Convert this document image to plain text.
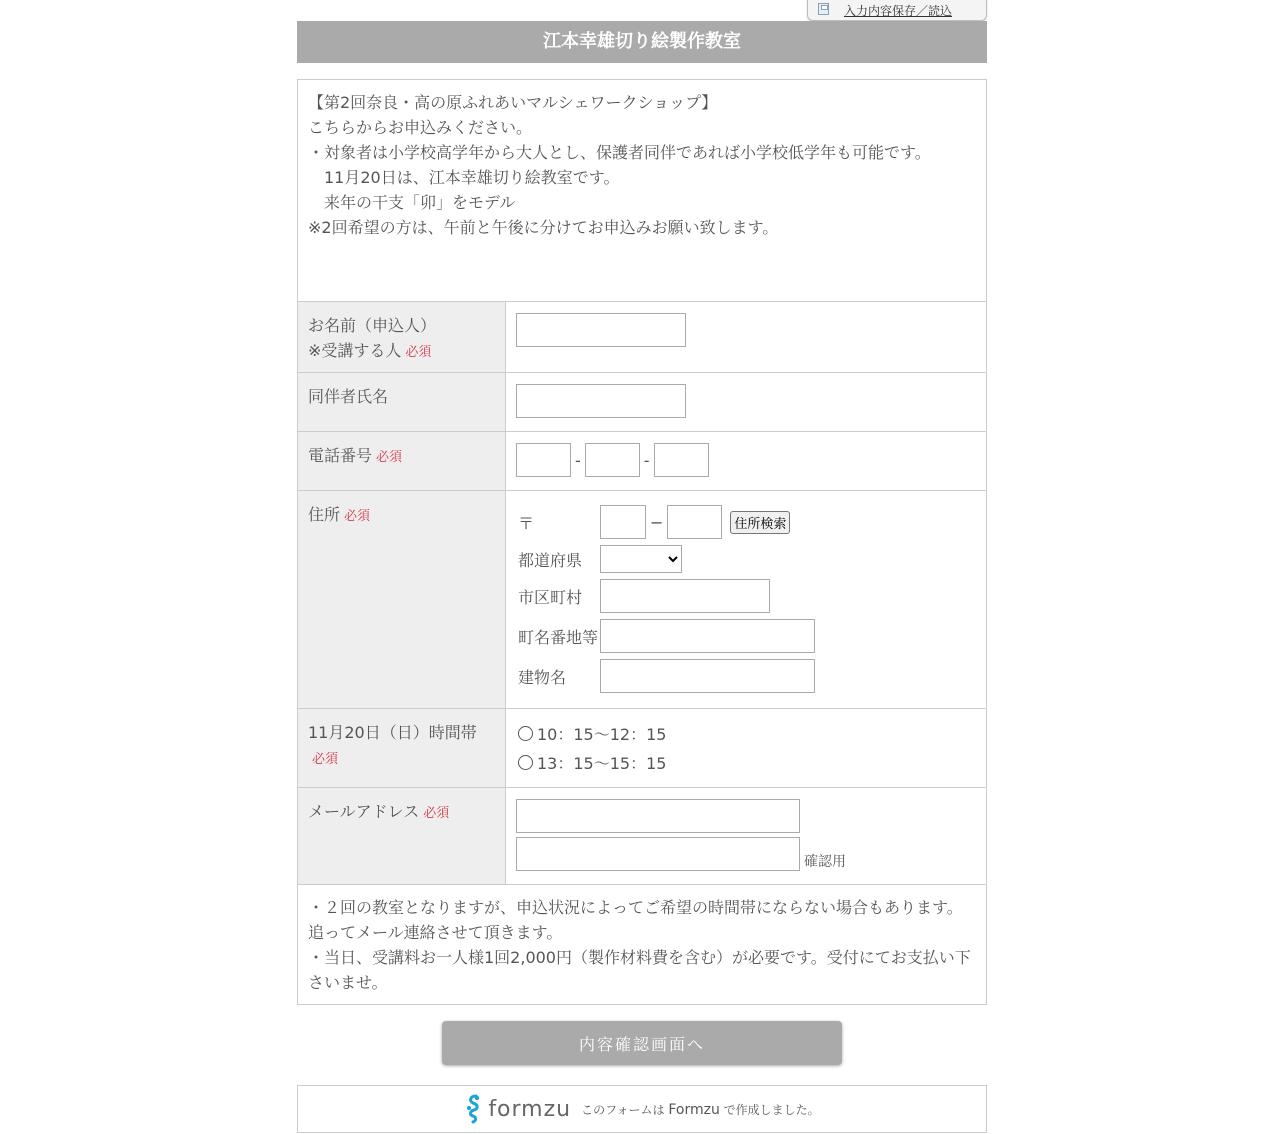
入力内容保存／読込
江本幸雄切り絵製作教室
【第2回奈良・高の原ふれあいマルシェワークショップ】
こちらからお申込みください。
・対象者は小学校高学年から大人とし、保護者同伴であれば小学校低学年も可能です。
　11月20日は、江本幸雄切り絵教室です。
　来年の干支「卯」をモデル
※2回希望の方は、午前と午後に分けてお申込みお願い致します。
お名前（申込人）
※受講する人 必須
同伴者氏名
電話番号 必須	-	-
住所 必須	〒	−	住所検索
都道府県
市区町村
町名番地等
建物名
11月20日（日）時間帯
必須
10：15～12：15
13：15～15：15
メールアドレス 必須
確認用
・２回の教室となりますが、申込状況によってご希望の時間帯にならない場合もあります。追ってメール連絡させて頂きます。
・当日、受講料お一人様1回2,000円（製作材料費を含む）が必要です。受付にてお支払い下さいませ。
内容確認画面へ
formzu このフォームは Formzu で作成しました。
